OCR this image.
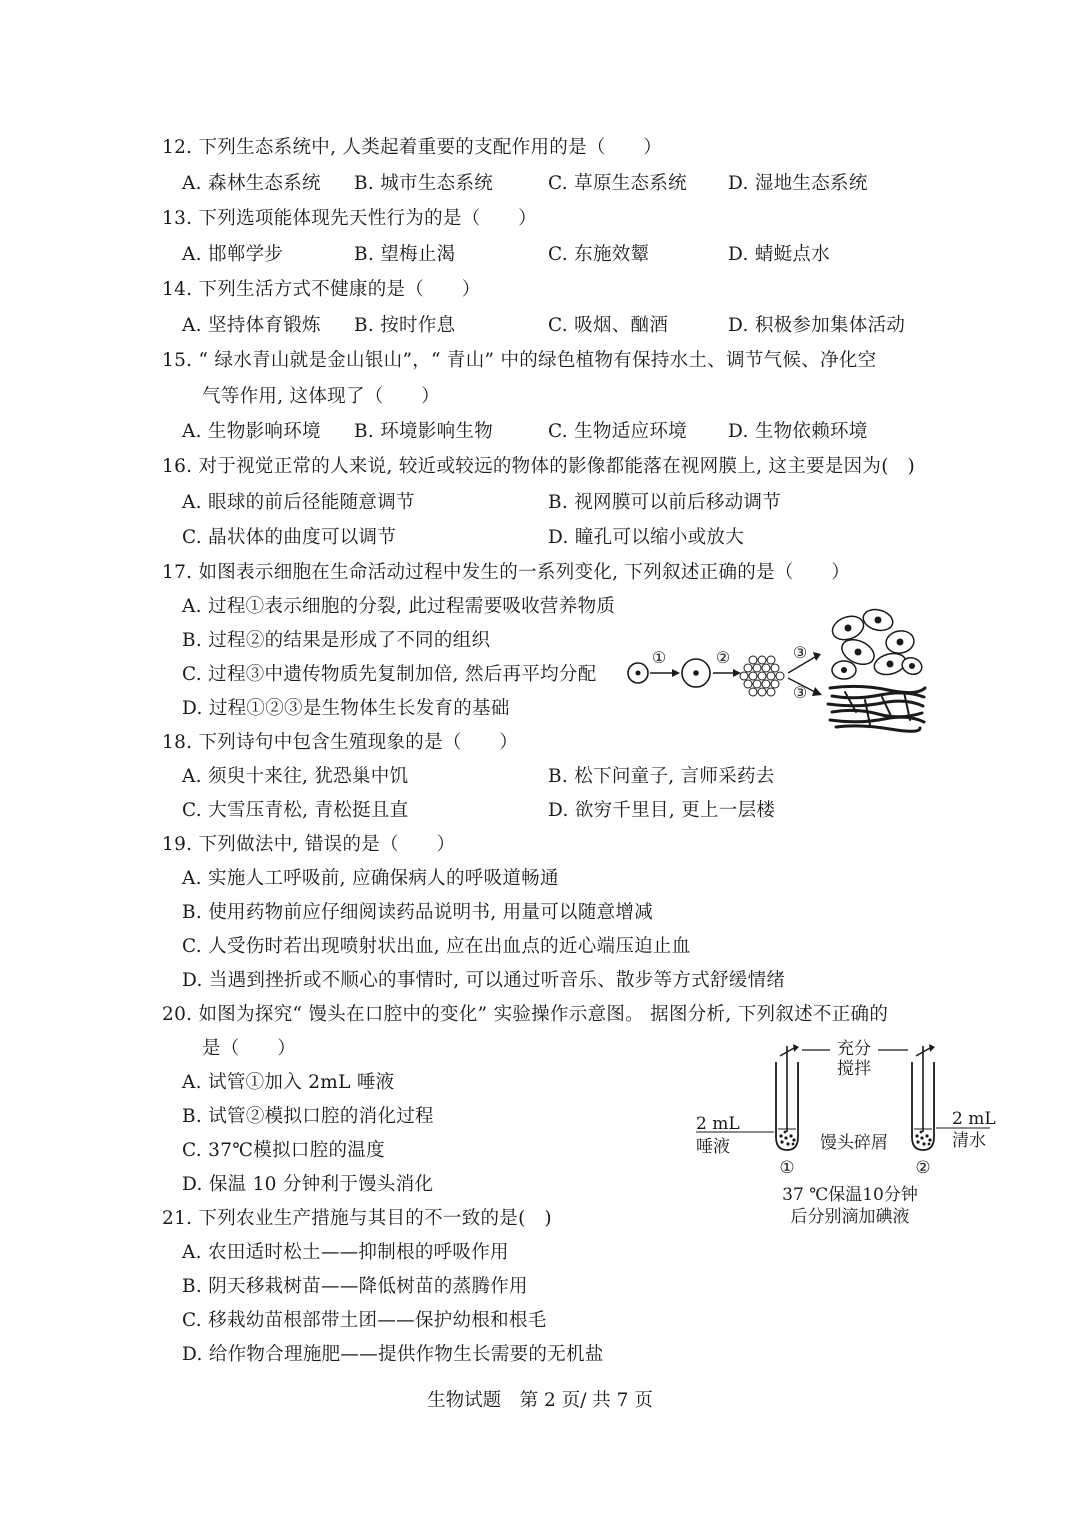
12. 下列生态系统中, 人类起着重要的支配作用的是（　　）
A. 森林生态系统 B. 城市生态系统	C. 草原生态系统 D. 湿地生态系统
13. 下列选项能体现先天性行为的是（　　）
A. 邯郸学步	B. 望梅止渴	C. 东施效颦	D. 蜻蜓点水
14. 下列生活方式不健康的是（　　）
A. 坚持体育锻炼 B. 按时作息	C. 吸烟、酗酒	D. 积极参加集体活动
15. “ 绿水青山就是金山银山”，“ 青山” 中的绿色植物有保持水土、调节气候、净化空
气等作用, 这体现了（　　）
A. 生物影响环境 B. 环境影响生物	C. 生物适应环境 D. 生物依赖环境
16. 对于视觉正常的人来说, 较近或较远的物体的影像都能落在视网膜上, 这主要是因为(　)
A. 眼球的前后径能随意调节	B. 视网膜可以前后移动调节
C. 晶状体的曲度可以调节	D. 瞳孔可以缩小或放大
17. 如图表示细胞在生命活动过程中发生的一系列变化, 下列叙述正确的是（　　）
A. 过程①表示细胞的分裂, 此过程需要吸收营养物质
B. 过程②的结果是形成了不同的组织
C. 过程③中遗传物质先复制加倍, 然后再平均分配
D. 过程①②③是生物体生长发育的基础
①	②	③
③
18. 下列诗句中包含生殖现象的是（　　）
A. 须臾十来往, 犹恐巢中饥	B. 松下问童子, 言师采药去
C. 大雪压青松, 青松挺且直	D. 欲穷千里目, 更上一层楼
19. 下列做法中, 错误的是（　　）
A. 实施人工呼吸前, 应确保病人的呼吸道畅通
B. 使用药物前应仔细阅读药品说明书, 用量可以随意增减
C. 人受伤时若出现喷射状出血, 应在出血点的近心端压迫止血
D. 当遇到挫折或不顺心的事情时, 可以通过听音乐、散步等方式舒缓情绪
20. 如图为探究“ 馒头在口腔中的变化” 实验操作示意图。 据图分析, 下列叙述不正确的
是（　　）
A. 试管①加入 2mL 唾液
B. 试管②模拟口腔的消化过程
C. 37℃模拟口腔的温度
D. 保温 10 分钟利于馒头消化
充分
搅拌
2 mL
唾液
2 mL
清水
馒头碎屑
①	②
37 ℃保温10分钟
后分别滴加碘液
21. 下列农业生产措施与其目的不一致的是(　)
A. 农田适时松土——抑制根的呼吸作用
B. 阴天移栽树苗——降低树苗的蒸腾作用
C. 移栽幼苗根部带土团——保护幼根和根毛
D. 给作物合理施肥——提供作物生长需要的无机盐
生物试题　第 2 页/ 共 7 页
